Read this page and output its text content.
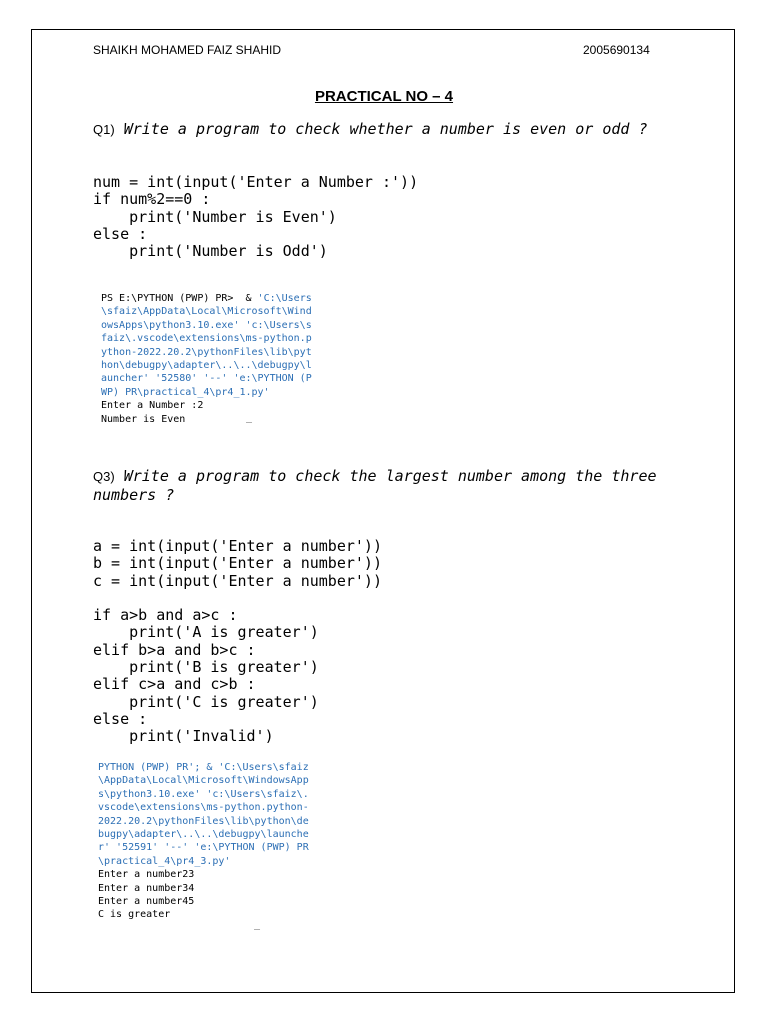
SHAIKH MOHAMED FAIZ SHAHID	2005690134
PRACTICAL NO – 4
Q1) Write a program to check whether a number is even or odd ?
num = int(input('Enter a Number :'))
if num%2==0 :
print('Number is Even')
else :
print('Number is Odd')
PS E:\PYTHON (PWP) PR>  & 'C:\Users
\sfaiz\AppData\Local\Microsoft\Wind
owsApps\python3.10.exe' 'c:\Users\s
faiz\.vscode\extensions\ms-python.p
ython-2022.20.2\pythonFiles\lib\pyt
hon\debugpy\adapter\..\..\debugpy\l
auncher' '52580' '--' 'e:\PYTHON (P
WP) PR\practical_4\pr4_1.py'
Enter a Number :2
Number is Even	_
Q3) Write a program to check the largest number among the three numbers ?
a = int(input('Enter a number'))
b = int(input('Enter a number'))
c = int(input('Enter a number'))

if a>b and a>c :
print('A is greater')
elif b>a and b>c :
print('B is greater')
elif c>a and c>b :
print('C is greater')
else :
print('Invalid')
PYTHON (PWP) PR'; & 'C:\Users\sfaiz
\AppData\Local\Microsoft\WindowsApp
s\python3.10.exe' 'c:\Users\sfaiz\.
vscode\extensions\ms-python.python-
2022.20.2\pythonFiles\lib\python\de
bugpy\adapter\..\..\debugpy\launche
r' '52591' '--' 'e:\PYTHON (PWP) PR
\practical_4\pr4_3.py'
Enter a number23
Enter a number34
Enter a number45
C is greater
_
